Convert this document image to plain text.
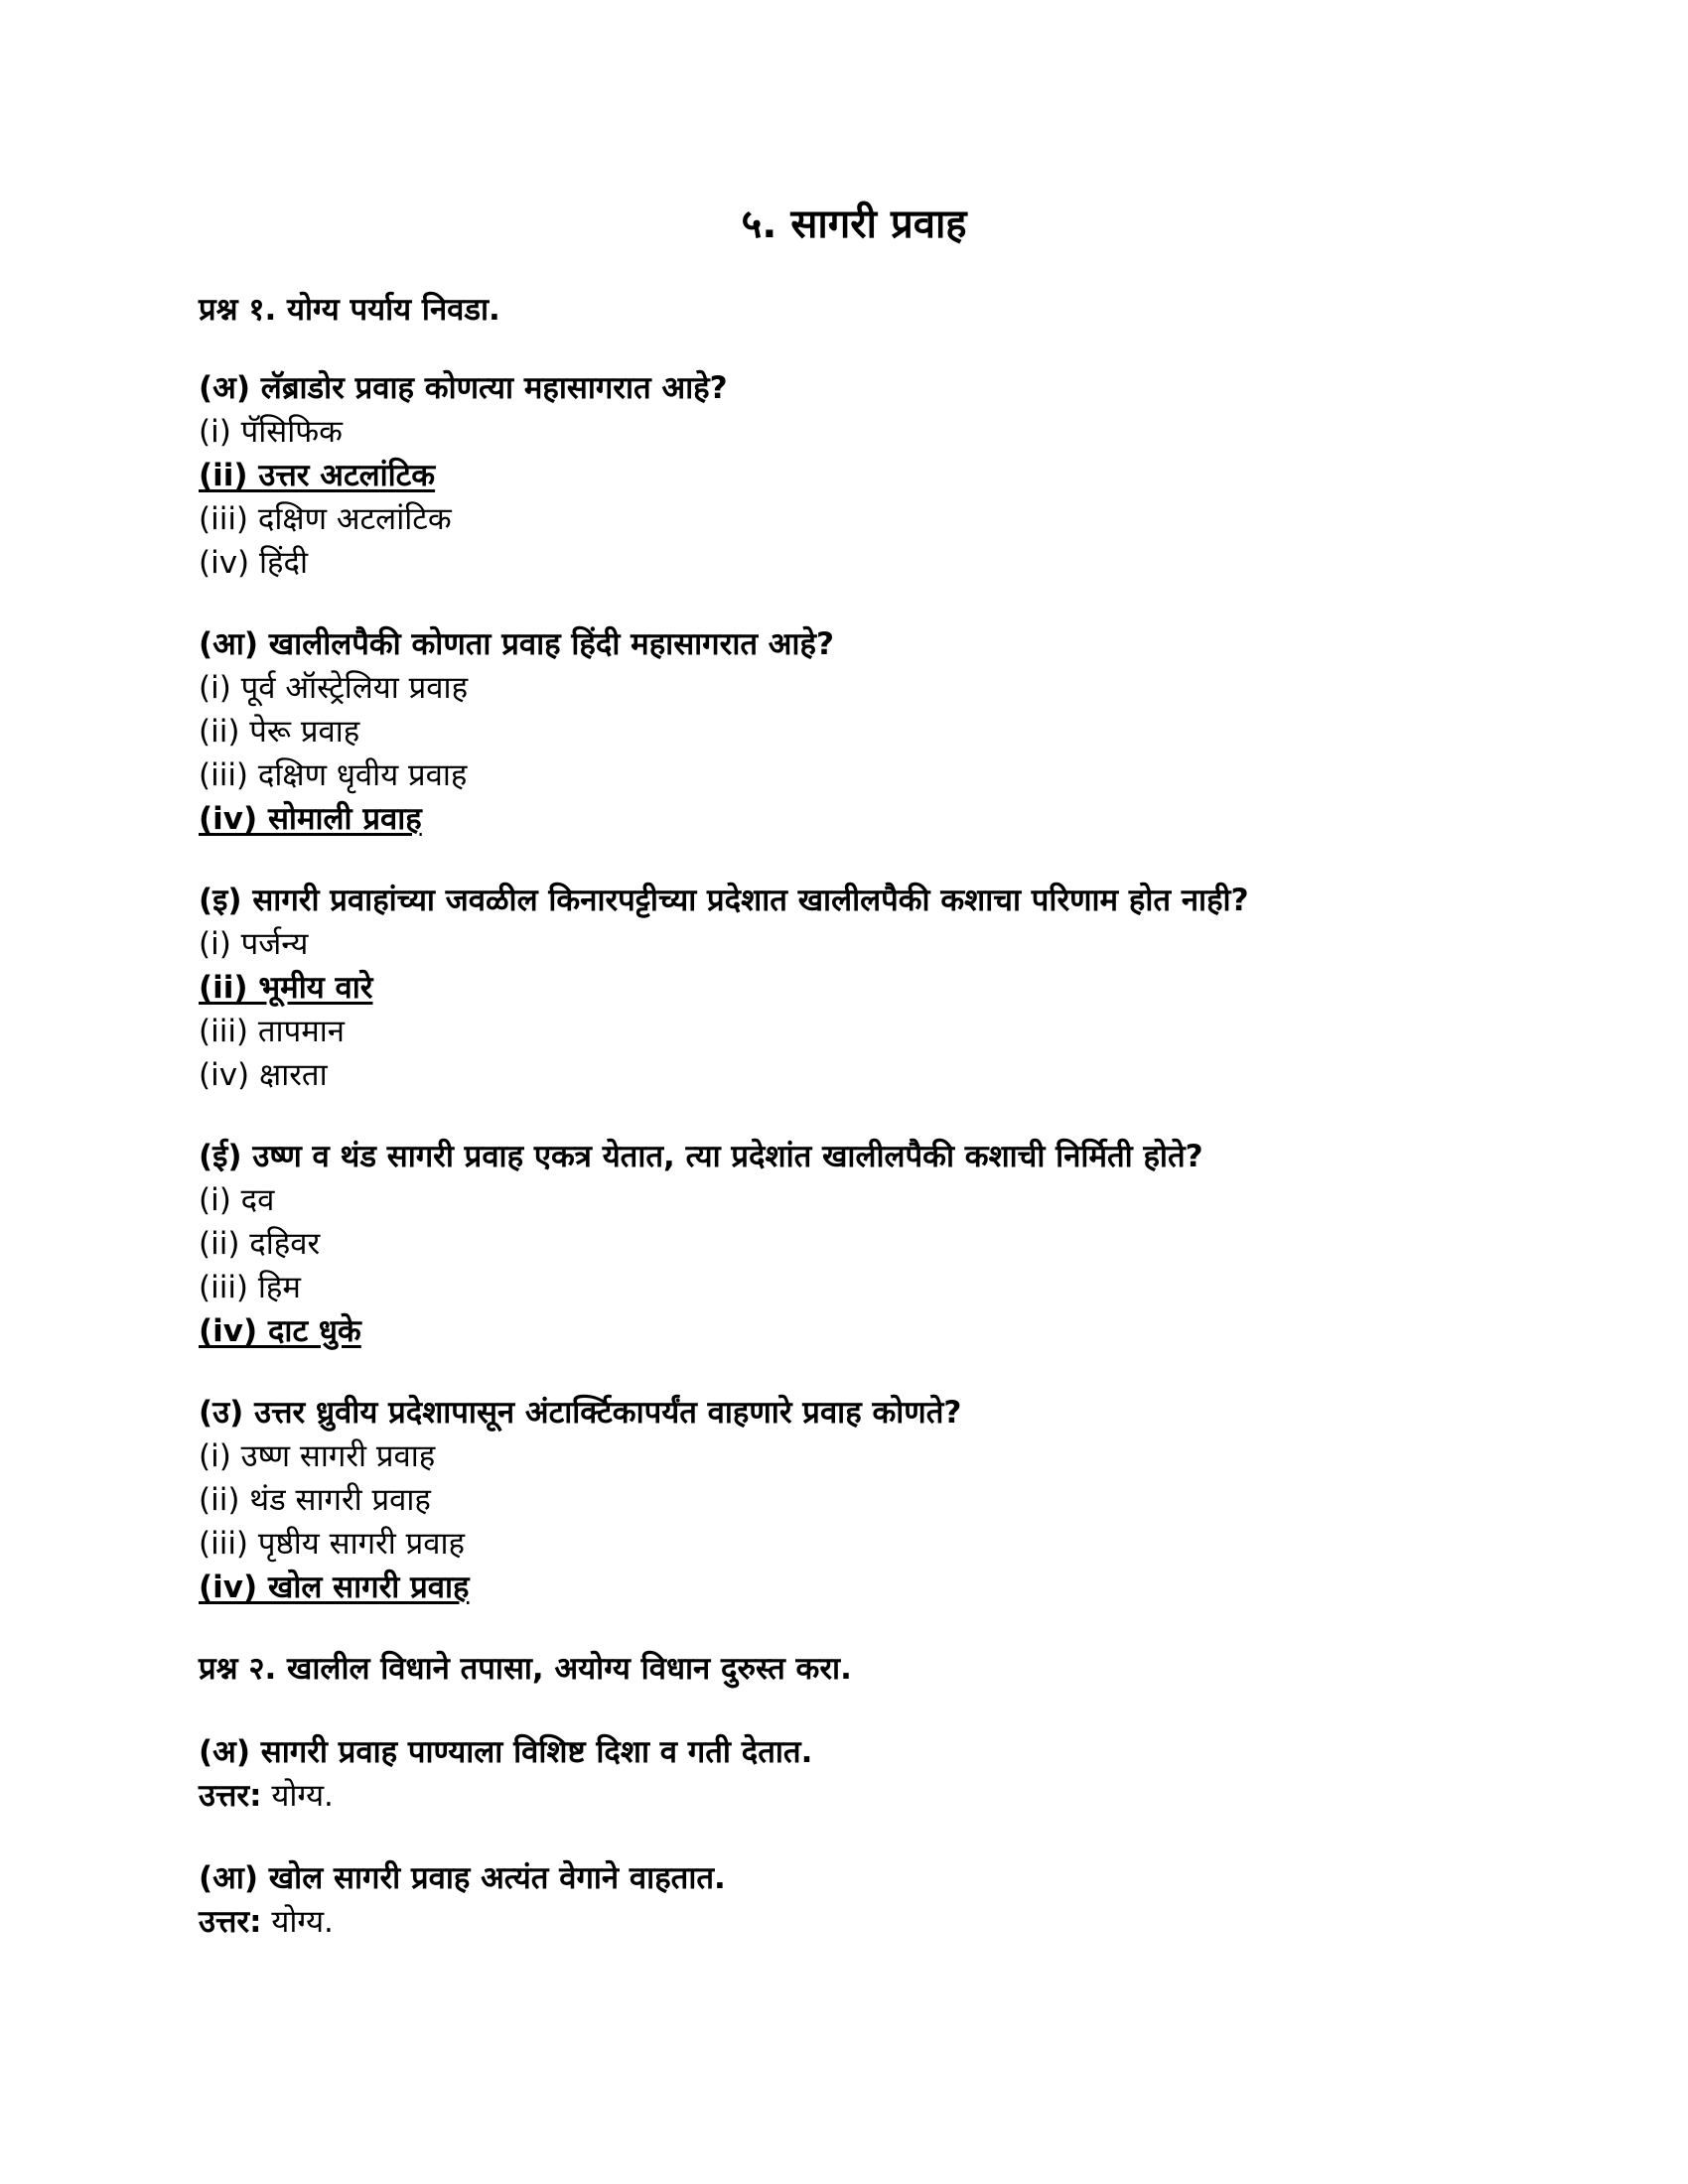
५. सागरी प्रवाह
प्रश्न १. योग्य पर्याय निवडा.
(अ) लॅब्राडोर प्रवाह कोणत्या महासागरात आहे?
(i) पॅसिफिक
(ii) उत्तर अटलांटिक
(iii) दक्षिण अटलांटिक
(iv) हिंदी
(आ) खालीलपैकी कोणता प्रवाह हिंदी महासागरात आहे?
(i) पूर्व ऑस्ट्रेलिया प्रवाह
(ii) पेरू प्रवाह
(iii) दक्षिण धृवीय प्रवाह
(iv) सोमाली प्रवाह
(इ) सागरी प्रवाहांच्या जवळील किनारपट्टीच्या प्रदेशात खालीलपैकी कशाचा परिणाम होत नाही?
(i) पर्जन्य
(ii) भूमीय वारे
(iii) तापमान
(iv) क्षारता
(ई) उष्ण व थंड सागरी प्रवाह एकत्र येतात, त्या प्रदेशांत खालीलपैकी कशाची निर्मिती होते?
(i) दव
(ii) दहिवर
(iii) हिम
(iv) दाट धुके
(उ) उत्तर ध्रुवीय प्रदेशापासून अंटार्क्टिकापर्यंत वाहणारे प्रवाह कोणते?
(i) उष्ण सागरी प्रवाह
(ii) थंड सागरी प्रवाह
(iii) पृष्ठीय सागरी प्रवाह
(iv) खोल सागरी प्रवाह
प्रश्न २. खालील विधाने तपासा, अयोग्य विधान दुरुस्त करा.
(अ) सागरी प्रवाह पाण्याला विशिष्ट दिशा व गती देतात.
उत्तर: योग्य.
(आ) खोल सागरी प्रवाह अत्यंत वेगाने वाहतात.
उत्तर: योग्य.
